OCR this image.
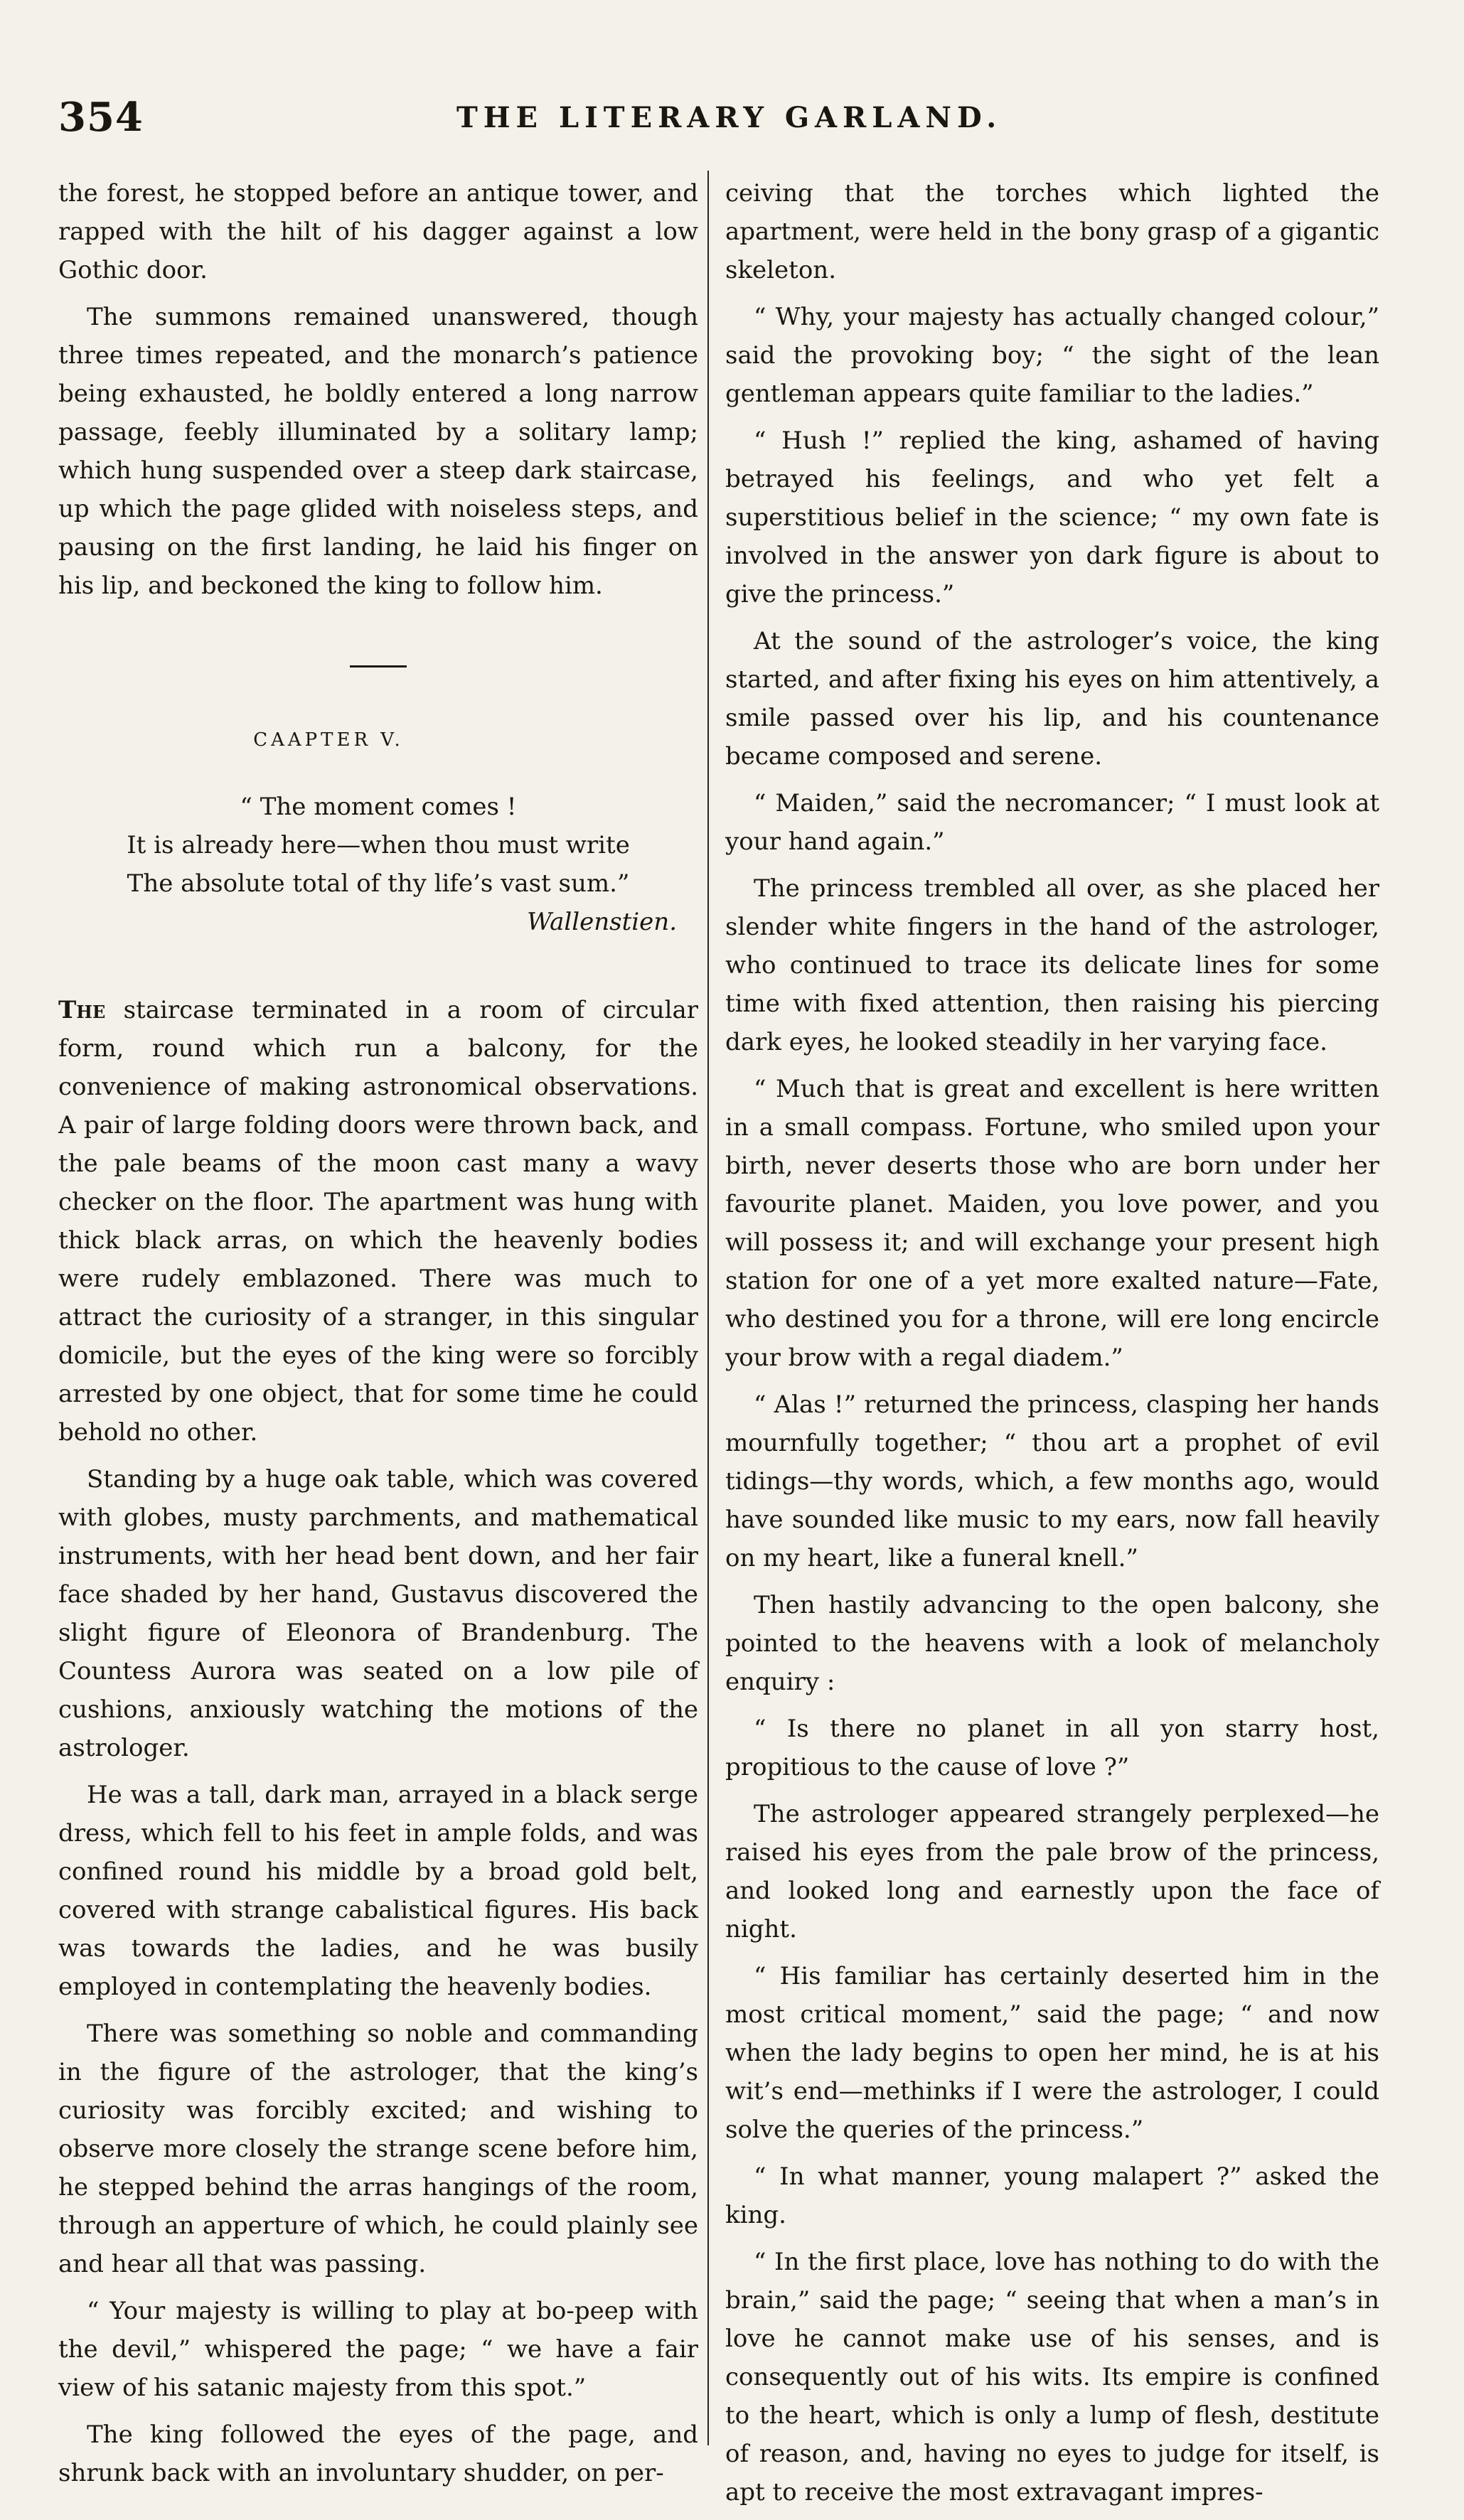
354	THE LITERARY GARLAND.

the forest, he stopped before an antique tower, and rapped with the hilt of his dagger against a low Gothic door.

The summons remained unanswered, though three times repeated, and the monarch’s patience being exhausted, he boldly entered a long narrow passage, feebly illuminated by a solitary lamp; which hung suspended over a steep dark staircase, up which the page glided with noiseless steps, and pausing on the first landing, he laid his finger on his lip, and beckoned the king to follow him.

CAAPTER V.
“ The moment comes !
It is already here—when thou must write
The absolute total of thy life’s vast sum.”
Wallenstien.

The staircase terminated in a room of circular form, round which run a balcony, for the convenience of making astronomical observations. A pair of large folding doors were thrown back, and the pale beams of the moon cast many a wavy checker on the floor. The apartment was hung with thick black arras, on which the heavenly bodies were rudely emblazoned. There was much to attract the curiosity of a stranger, in this singular domicile, but the eyes of the king were so forcibly arrested by one object, that for some time he could behold no other.

Standing by a huge oak table, which was covered with globes, musty parchments, and mathematical instruments, with her head bent down, and her fair face shaded by her hand, Gustavus discovered the slight figure of Eleonora of Brandenburg. The Countess Aurora was seated on a low pile of cushions, anxiously watching the motions of the astrologer.

He was a tall, dark man, arrayed in a black serge dress, which fell to his feet in ample folds, and was confined round his middle by a broad gold belt, covered with strange cabalistical figures. His back was towards the ladies, and he was busily employed in contemplating the heavenly bodies.

There was something so noble and commanding in the figure of the astrologer, that the king’s curiosity was forcibly excited; and wishing to observe more closely the strange scene before him, he stepped behind the arras hangings of the room, through an apperture of which, he could plainly see and hear all that was passing.

“ Your majesty is willing to play at bo-peep with the devil,” whispered the page; “ we have a fair view of his satanic majesty from this spot.”

The king followed the eyes of the page, and shrunk back with an involuntary shudder, on per-

ceiving that the torches which lighted the apartment, were held in the bony grasp of a gigantic skeleton.

“ Why, your majesty has actually changed colour,” said the provoking boy; “ the sight of the lean gentleman appears quite familiar to the ladies.”

“ Hush !” replied the king, ashamed of having betrayed his feelings, and who yet felt a superstitious belief in the science; “ my own fate is involved in the answer yon dark figure is about to give the princess.”

At the sound of the astrologer’s voice, the king started, and after fixing his eyes on him attentively, a smile passed over his lip, and his countenance became composed and serene.

“ Maiden,” said the necromancer; “ I must look at your hand again.”

The princess trembled all over, as she placed her slender white fingers in the hand of the astrologer, who continued to trace its delicate lines for some time with fixed attention, then raising his piercing dark eyes, he looked steadily in her varying face.

“ Much that is great and excellent is here written in a small compass. Fortune, who smiled upon your birth, never deserts those who are born under her favourite planet. Maiden, you love power, and you will possess it; and will exchange your present high station for one of a yet more exalted nature—Fate, who destined you for a throne, will ere long encircle your brow with a regal diadem.”

“ Alas !” returned the princess, clasping her hands mournfully together; “ thou art a prophet of evil tidings—thy words, which, a few months ago, would have sounded like music to my ears, now fall heavily on my heart, like a funeral knell.”

Then hastily advancing to the open balcony, she pointed to the heavens with a look of melancholy enquiry :

“ Is there no planet in all yon starry host, propitious to the cause of love ?”

The astrologer appeared strangely perplexed—he raised his eyes from the pale brow of the princess, and looked long and earnestly upon the face of night.

“ His familiar has certainly deserted him in the most critical moment,” said the page; “ and now when the lady begins to open her mind, he is at his wit’s end—methinks if I were the astrologer, I could solve the queries of the princess.”

“ In what manner, young malapert ?” asked the king.

“ In the first place, love has nothing to do with the brain,” said the page; “ seeing that when a man’s in love he cannot make use of his senses, and is consequently out of his wits. Its empire is confined to the heart, which is only a lump of flesh, destitute of reason, and, having no eyes to judge for itself, is apt to receive the most extravagant impres-
